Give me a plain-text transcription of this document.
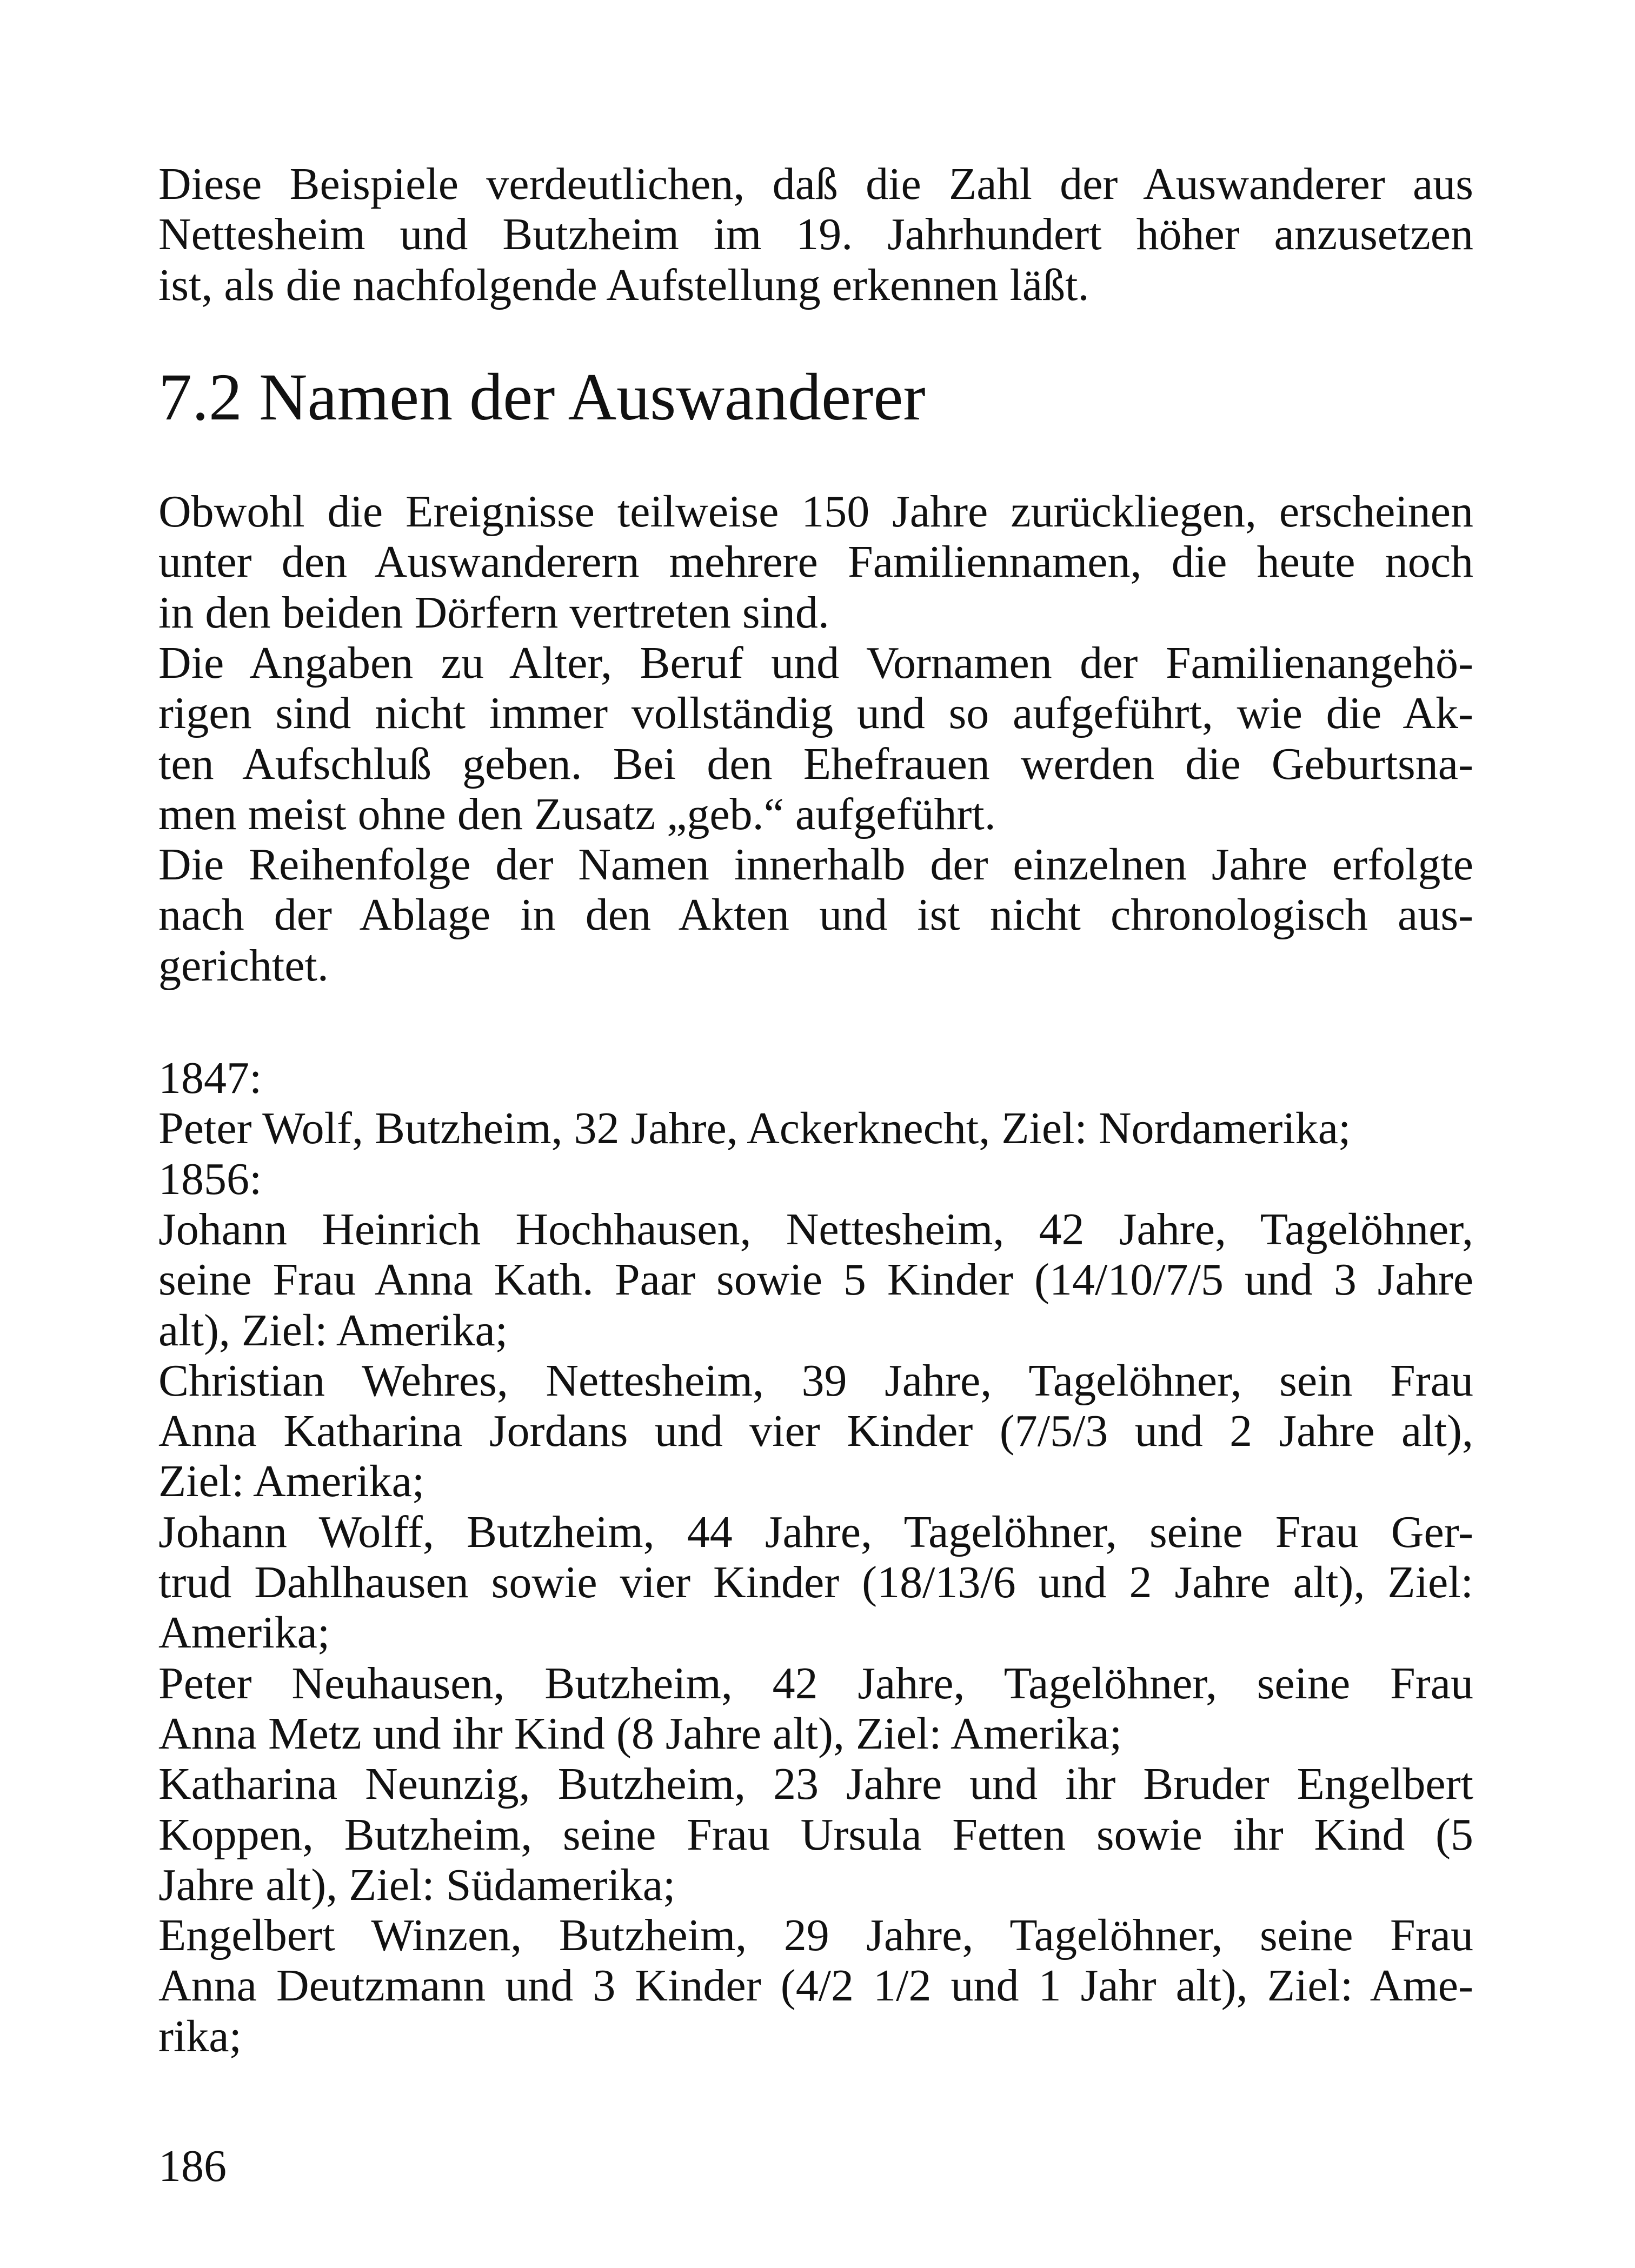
Diese Beispiele verdeutlichen, daß die Zahl der Auswanderer aus
Nettesheim und Butzheim im 19. Jahrhundert höher anzusetzen
ist, als die nachfolgende Aufstellung erkennen läßt.
7.2 Namen der Auswanderer
Obwohl die Ereignisse teilweise 150 Jahre zurückliegen, erscheinen
unter den Auswanderern mehrere Familiennamen, die heute noch
in den beiden Dörfern vertreten sind.
Die Angaben zu Alter, Beruf und Vornamen der Familienangehö-
rigen sind nicht immer vollständig und so aufgeführt, wie die Ak-
ten Aufschluß geben. Bei den Ehefrauen werden die Geburtsna-
men meist ohne den Zusatz „geb.“ aufgeführt.
Die Reihenfolge der Namen innerhalb der einzelnen Jahre erfolgte
nach der Ablage in den Akten und ist nicht chronologisch aus-
gerichtet.
1847:
Peter Wolf, Butzheim, 32 Jahre, Ackerknecht, Ziel: Nordamerika;
1856:
Johann Heinrich Hochhausen, Nettesheim, 42 Jahre, Tagelöhner,
seine Frau Anna Kath. Paar sowie 5 Kinder (14/10/7/5 und 3 Jahre
alt), Ziel: Amerika;
Christian Wehres, Nettesheim, 39 Jahre, Tagelöhner, sein Frau
Anna Katharina Jordans und vier Kinder (7/5/3 und 2 Jahre alt),
Ziel: Amerika;
Johann Wolff, Butzheim, 44 Jahre, Tagelöhner, seine Frau Ger-
trud Dahlhausen sowie vier Kinder (18/13/6 und 2 Jahre alt), Ziel:
Amerika;
Peter Neuhausen, Butzheim, 42 Jahre, Tagelöhner, seine Frau
Anna Metz und ihr Kind (8 Jahre alt), Ziel: Amerika;
Katharina Neunzig, Butzheim, 23 Jahre und ihr Bruder Engelbert
Koppen, Butzheim, seine Frau Ursula Fetten sowie ihr Kind (5
Jahre alt), Ziel: Südamerika;
Engelbert Winzen, Butzheim, 29 Jahre, Tagelöhner, seine Frau
Anna Deutzmann und 3 Kinder (4/2 1/2 und 1 Jahr alt), Ziel: Ame-
rika;
186
